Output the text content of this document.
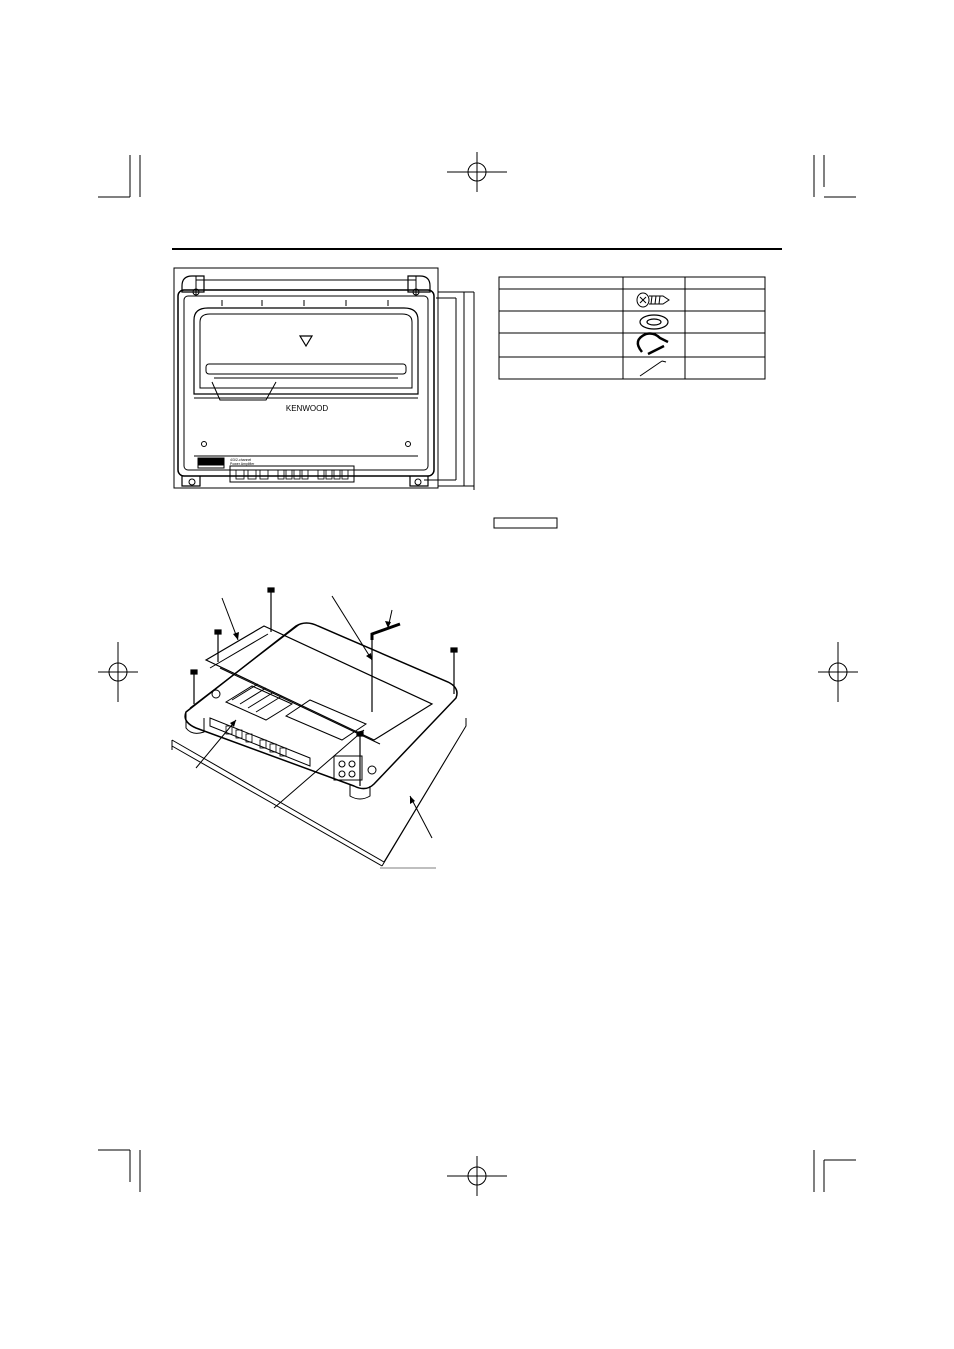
KENWOOD
4/3/2-channel
Power Amplifier
